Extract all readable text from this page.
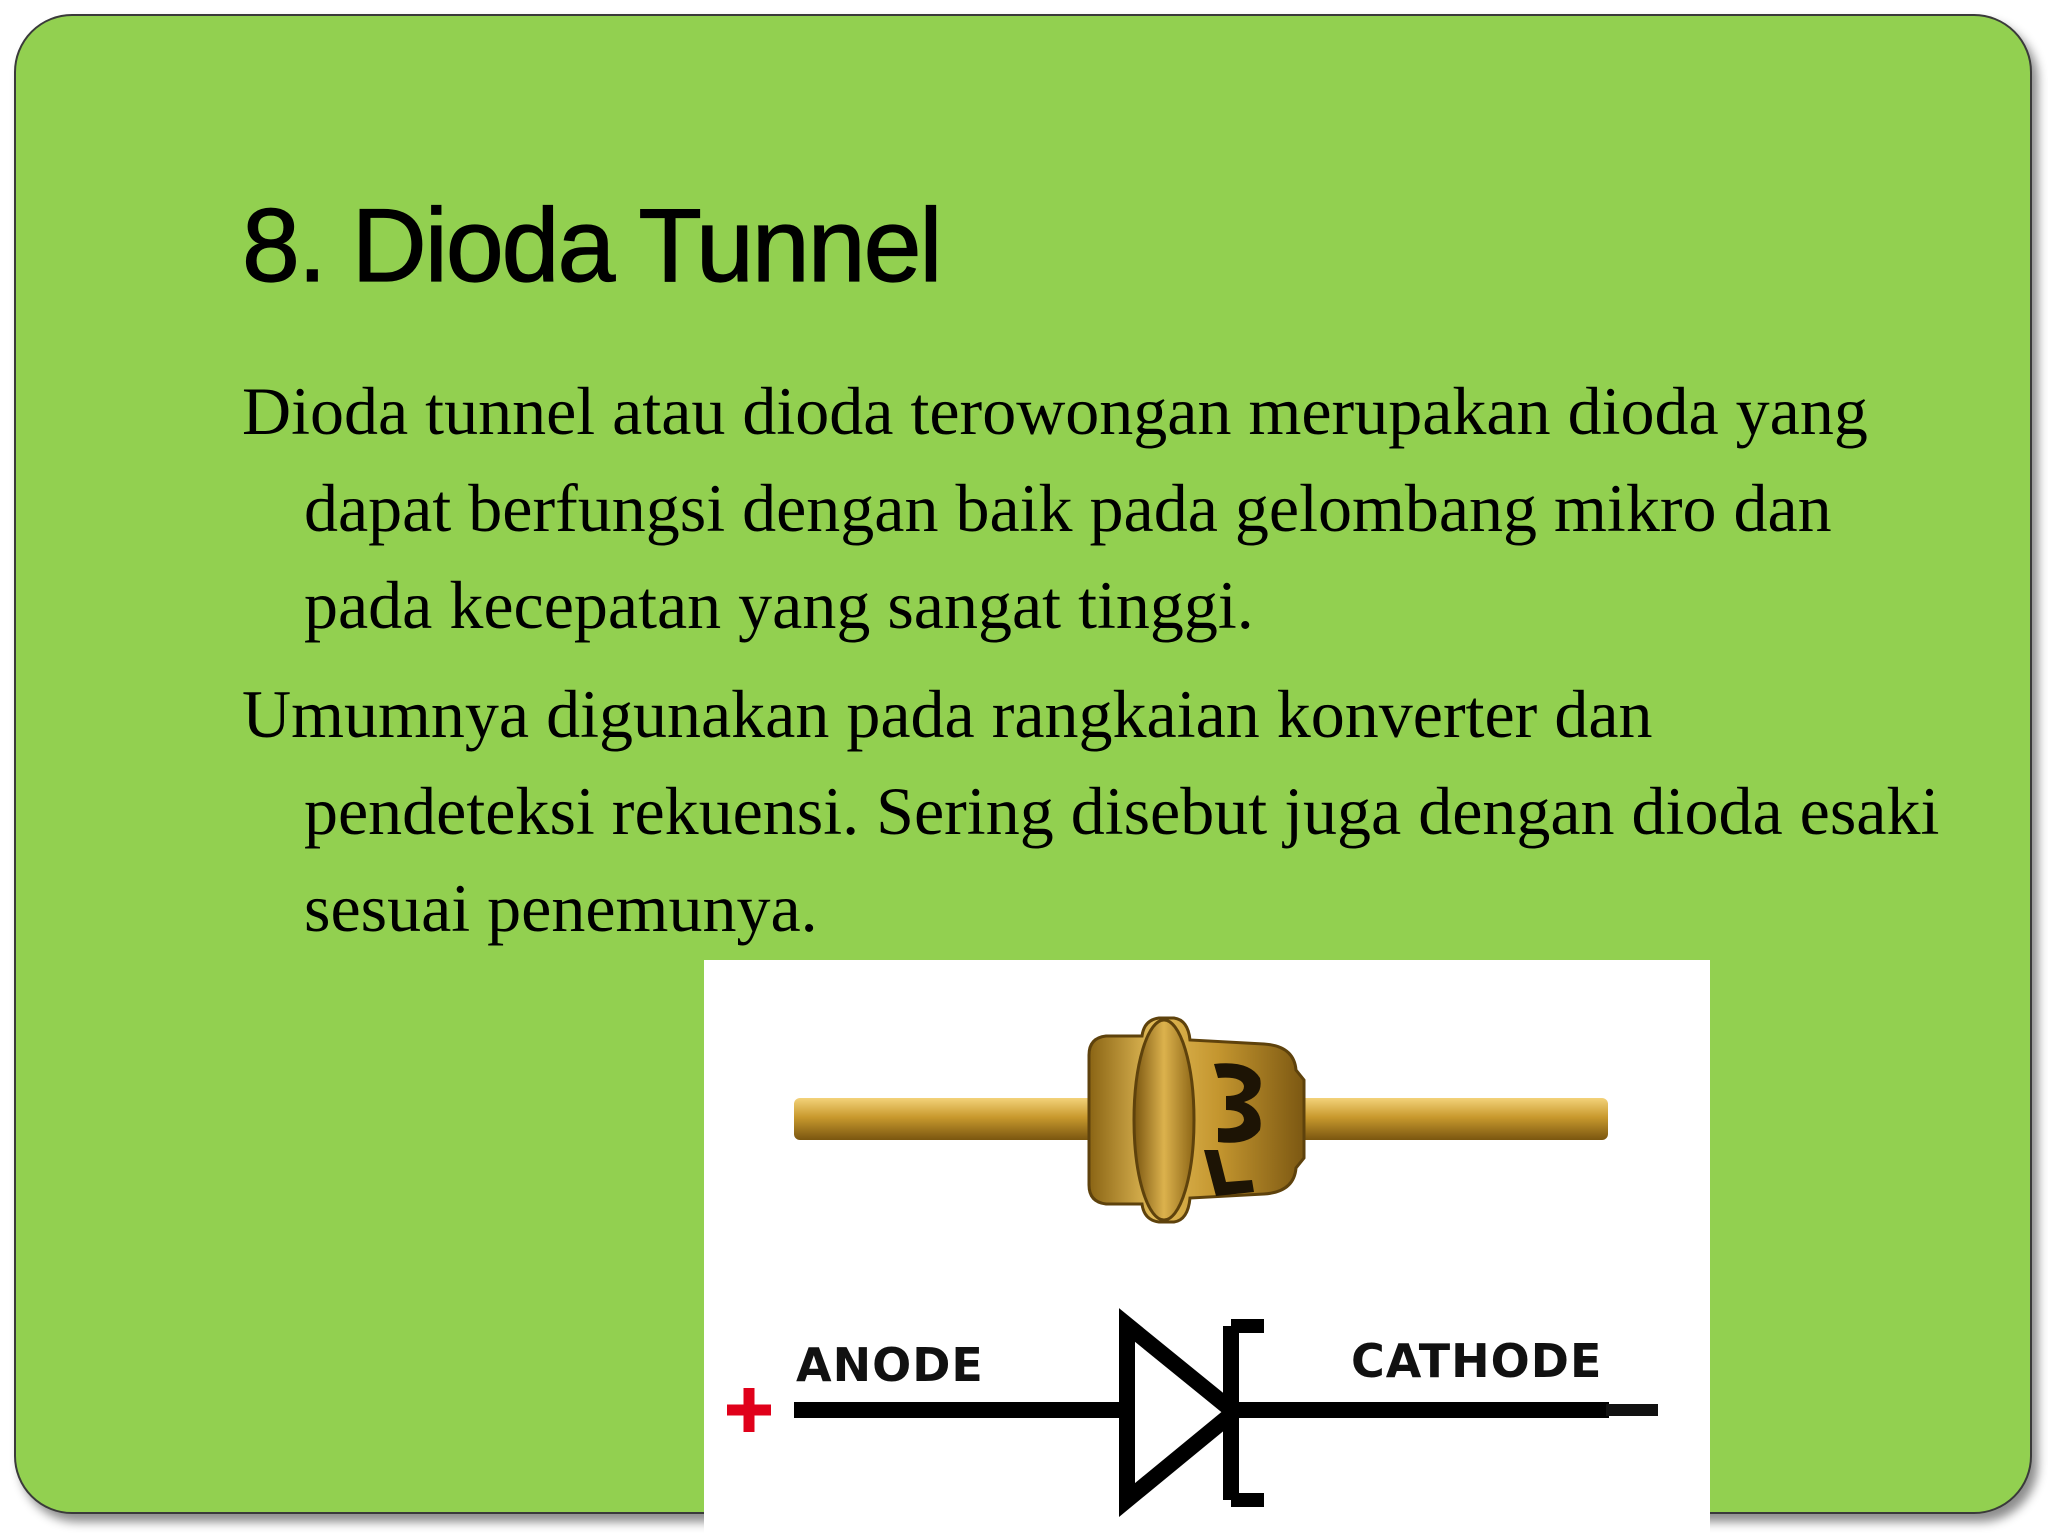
8. Dioda Tunnel

Dioda tunnel atau dioda terowongan merupakan dioda yang dapat berfungsi dengan baik pada gelombang mikro dan pada kecepatan yang sangat tinggi.

Umumnya digunakan pada rangkaian konverter dan pendeteksi rekuensi. Sering disebut juga dengan dioda esaki sesuai penemunya.

ANODE	CATHODE
